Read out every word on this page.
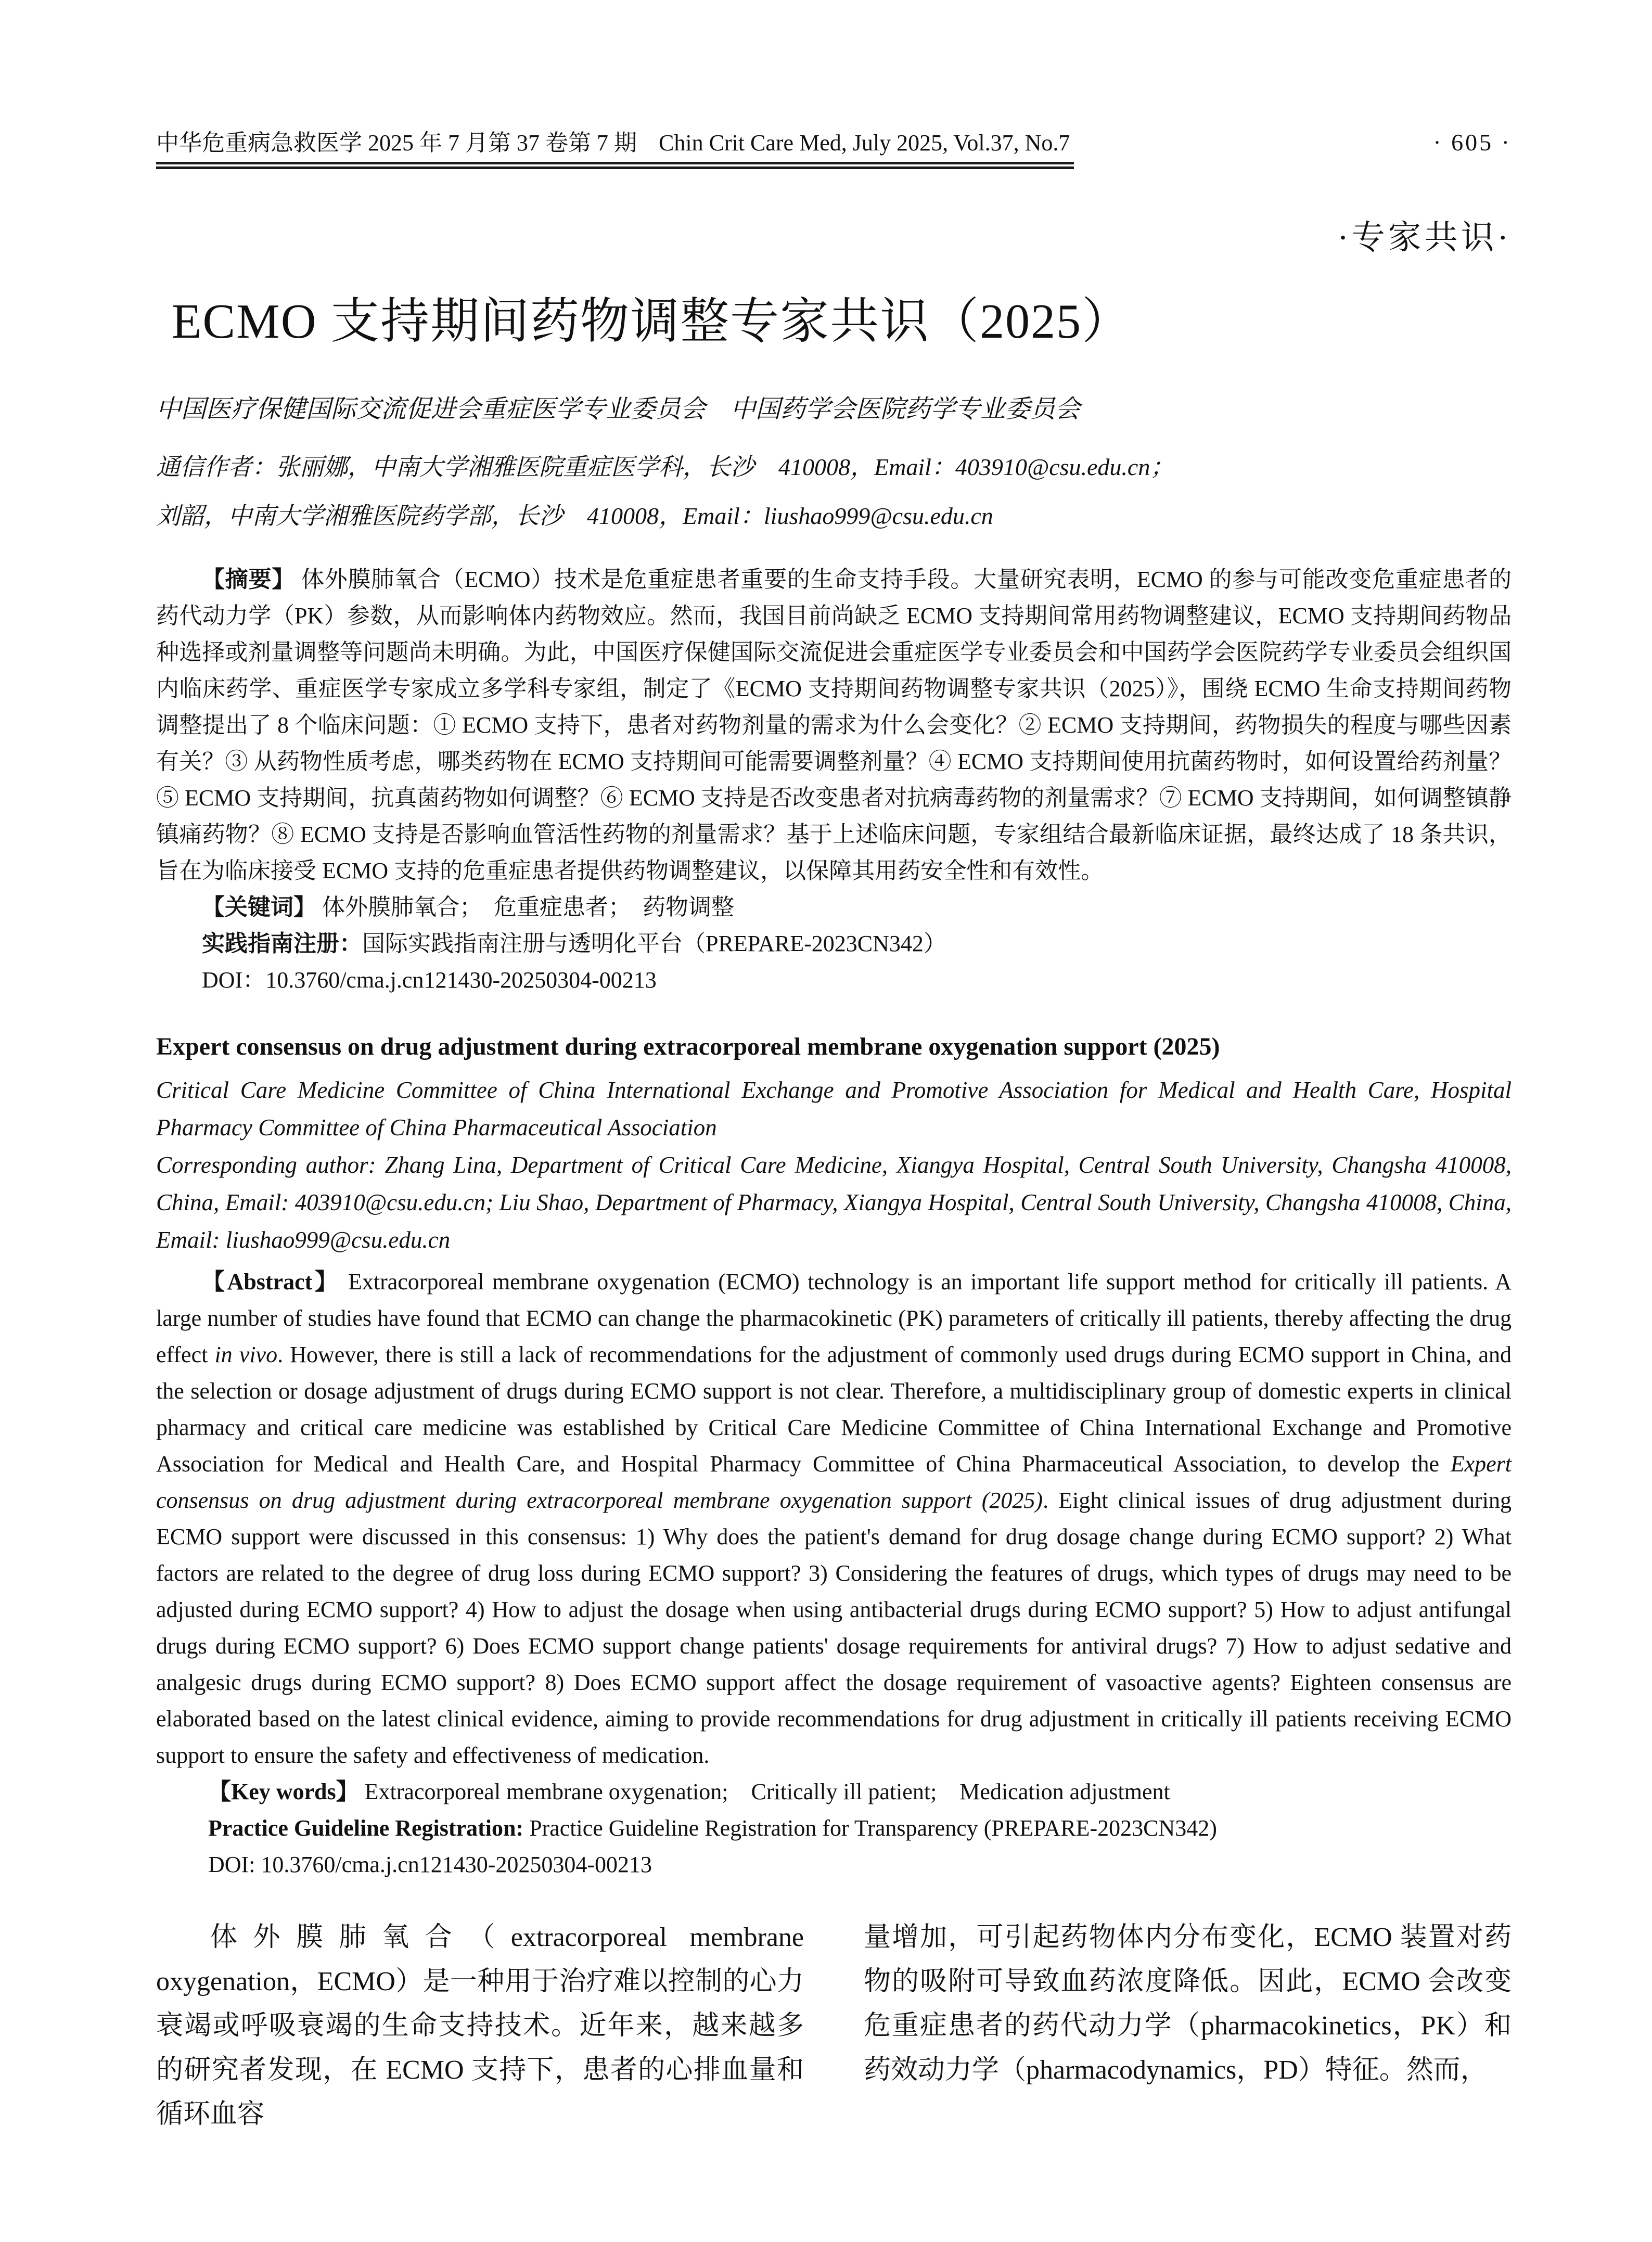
中华危重病急救医学 2025 年 7 月第 37 卷第 7 期 Chin Crit Care Med, July 2025, Vol.37, No.7	· 605 ·
·专家共识·
ECMO 支持期间药物调整专家共识（2025）
中国医疗保健国际交流促进会重症医学专业委员会　中国药学会医院药学专业委员会
通信作者：张丽娜，中南大学湘雅医院重症医学科，长沙　410008，Email：403910@csu.edu.cn；
刘韶，中南大学湘雅医院药学部，长沙　410008，Email：liushao999@csu.edu.cn

【摘要】 体外膜肺氧合（ECMO）技术是危重症患者重要的生命支持手段。大量研究表明，ECMO 的参与可能改变危重症患者的药代动力学（PK）参数，从而影响体内药物效应。然而，我国目前尚缺乏 ECMO 支持期间常用药物调整建议，ECMO 支持期间药物品种选择或剂量调整等问题尚未明确。为此，中国医疗保健国际交流促进会重症医学专业委员会和中国药学会医院药学专业委员会组织国内临床药学、重症医学专家成立多学科专家组，制定了《ECMO 支持期间药物调整专家共识（2025）》，围绕 ECMO 生命支持期间药物调整提出了 8 个临床问题：① ECMO 支持下，患者对药物剂量的需求为什么会变化？② ECMO 支持期间，药物损失的程度与哪些因素有关？③ 从药物性质考虑，哪类药物在 ECMO 支持期间可能需要调整剂量？④ ECMO 支持期间使用抗菌药物时，如何设置给药剂量？⑤ ECMO 支持期间，抗真菌药物如何调整？⑥ ECMO 支持是否改变患者对抗病毒药物的剂量需求？⑦ ECMO 支持期间，如何调整镇静镇痛药物？⑧ ECMO 支持是否影响血管活性药物的剂量需求？基于上述临床问题，专家组结合最新临床证据，最终达成了 18 条共识，旨在为临床接受 ECMO 支持的危重症患者提供药物调整建议，以保障其用药安全性和有效性。

【关键词】 体外膜肺氧合；　危重症患者；　药物调整

实践指南注册：国际实践指南注册与透明化平台（PREPARE-2023CN342）

DOI：10.3760/cma.j.cn121430-20250304-00213

Expert consensus on drug adjustment during extracorporeal membrane oxygenation support (2025)

Critical Care Medicine Committee of China International Exchange and Promotive Association for Medical and Health Care, Hospital Pharmacy Committee of China Pharmaceutical Association

Corresponding author: Zhang Lina, Department of Critical Care Medicine, Xiangya Hospital, Central South University, Changsha 410008, China, Email: 403910@csu.edu.cn; Liu Shao, Department of Pharmacy, Xiangya Hospital, Central South University, Changsha 410008, China, Email: liushao999@csu.edu.cn

【Abstract】 Extracorporeal membrane oxygenation (ECMO) technology is an important life support method for critically ill patients. A large number of studies have found that ECMO can change the pharmacokinetic (PK) parameters of critically ill patients, thereby affecting the drug effect in vivo. However, there is still a lack of recommendations for the adjustment of commonly used drugs during ECMO support in China, and the selection or dosage adjustment of drugs during ECMO support is not clear. Therefore, a multidisciplinary group of domestic experts in clinical pharmacy and critical care medicine was established by Critical Care Medicine Committee of China International Exchange and Promotive Association for Medical and Health Care, and Hospital Pharmacy Committee of China Pharmaceutical Association, to develop the Expert consensus on drug adjustment during extracorporeal membrane oxygenation support (2025). Eight clinical issues of drug adjustment during ECMO support were discussed in this consensus: 1) Why does the patient's demand for drug dosage change during ECMO support? 2) What factors are related to the degree of drug loss during ECMO support? 3) Considering the features of drugs, which types of drugs may need to be adjusted during ECMO support? 4) How to adjust the dosage when using antibacterial drugs during ECMO support? 5) How to adjust antifungal drugs during ECMO support? 6) Does ECMO support change patients' dosage requirements for antiviral drugs? 7) How to adjust sedative and analgesic drugs during ECMO support? 8) Does ECMO support affect the dosage requirement of vasoactive agents? Eighteen consensus are elaborated based on the latest clinical evidence, aiming to provide recommendations for drug adjustment in critically ill patients receiving ECMO support to ensure the safety and effectiveness of medication.

【Key words】 Extracorporeal membrane oxygenation;　Critically ill patient;　Medication adjustment

Practice Guideline Registration: Practice Guideline Registration for Transparency (PREPARE-2023CN342)

DOI: 10.3760/cma.j.cn121430-20250304-00213

体外膜肺氧合（extracorporeal membrane oxygenation，ECMO）是一种用于治疗难以控制的心力衰竭或呼吸衰竭的生命支持技术。近年来，越来越多的研究者发现，在 ECMO 支持下，患者的心排血量和循环血容

量增加，可引起药物体内分布变化，ECMO 装置对药物的吸附可导致血药浓度降低。因此，ECMO 会改变危重症患者的药代动力学（pharmacokinetics，PK）和药效动力学（pharmacodynamics，PD）特征。然而，
